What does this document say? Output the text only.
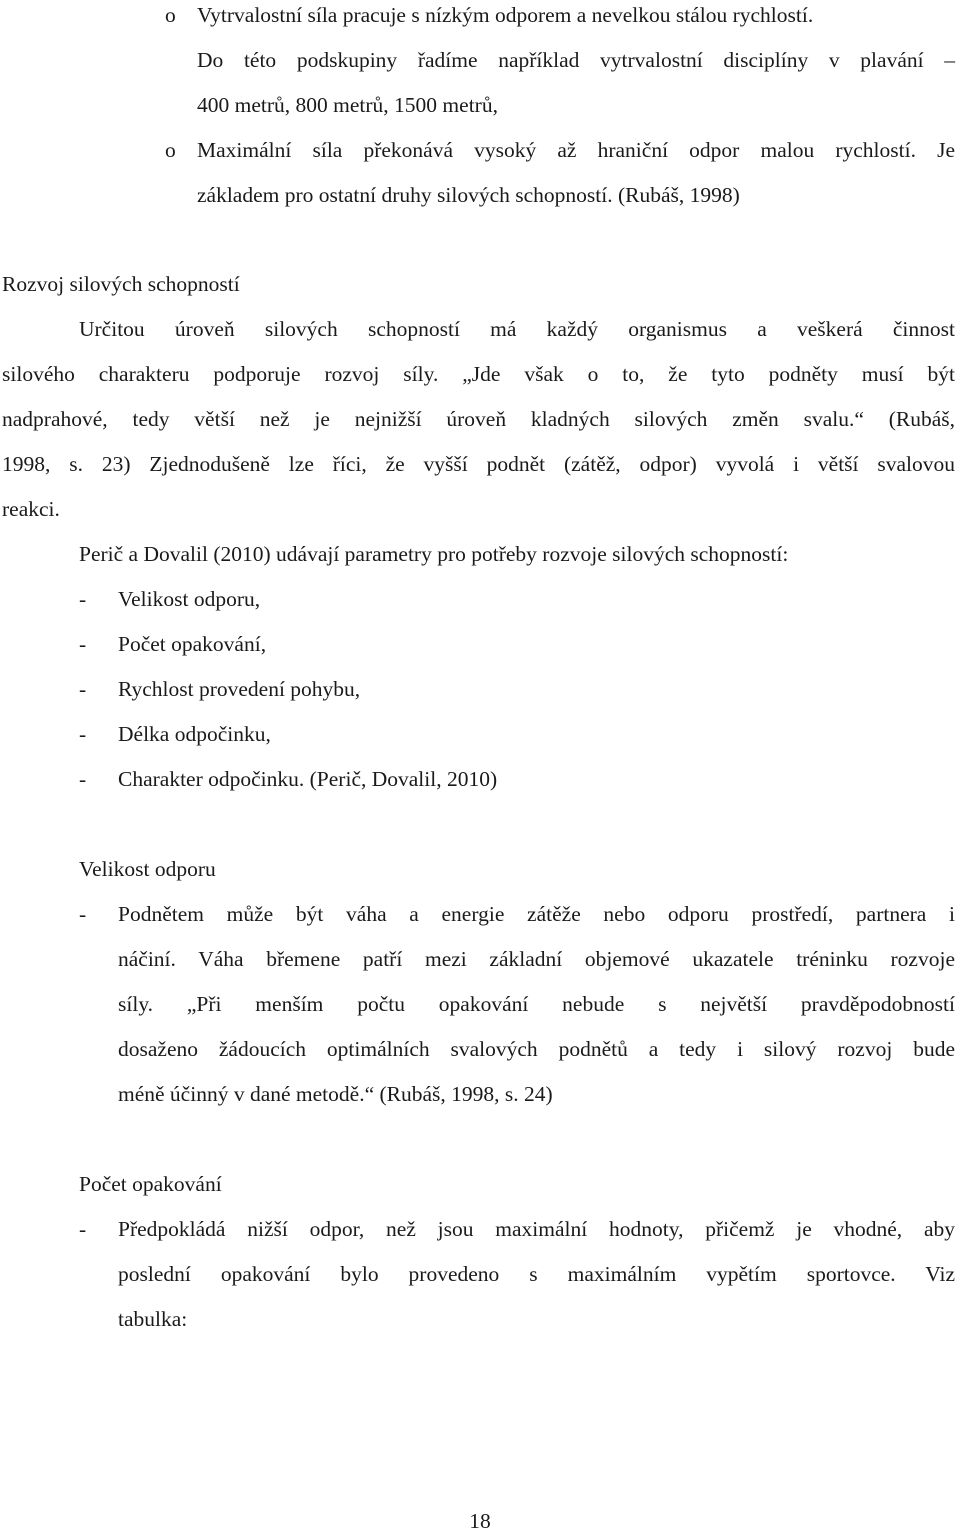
o Vytrvalostní síla pracuje s nízkým odporem a nevelkou stálou rychlostí.
Do této podskupiny řadíme například vytrvalostní disciplíny v plavání –
400 metrů, 800 metrů, 1500 metrů,
o Maximální síla překonává vysoký až hraniční odpor malou rychlostí. Je
základem pro ostatní druhy silových schopností. (Rubáš, 1998)
Rozvoj silových schopností
Určitou úroveň silových schopností má každý organismus a veškerá činnost
silového charakteru podporuje rozvoj síly. „Jde však o to, že tyto podněty musí být
nadprahové, tedy větší než je nejnižší úroveň kladných silových změn svalu.“ (Rubáš,
1998, s. 23) Zjednodušeně lze říci, že vyšší podnět (zátěž, odpor) vyvolá i větší svalovou
reakci.
Perič a Dovalil (2010) udávají parametry pro potřeby rozvoje silových schopností:
- Velikost odporu,
- Počet opakování,
- Rychlost provedení pohybu,
- Délka odpočinku,
- Charakter odpočinku. (Perič, Dovalil, 2010)
Velikost odporu
- Podnětem může být váha a energie zátěže nebo odporu prostředí, partnera i
náčiní. Váha břemene patří mezi základní objemové ukazatele tréninku rozvoje
síly. „Při menším počtu opakování nebude s největší pravděpodobností
dosaženo žádoucích optimálních svalových podnětů a tedy i silový rozvoj bude
méně účinný v dané metodě.“ (Rubáš, 1998, s. 24)
Počet opakování
- Předpokládá nižší odpor, než jsou maximální hodnoty, přičemž je vhodné, aby
poslední opakování bylo provedeno s maximálním vypětím sportovce. Viz
tabulka:
18
